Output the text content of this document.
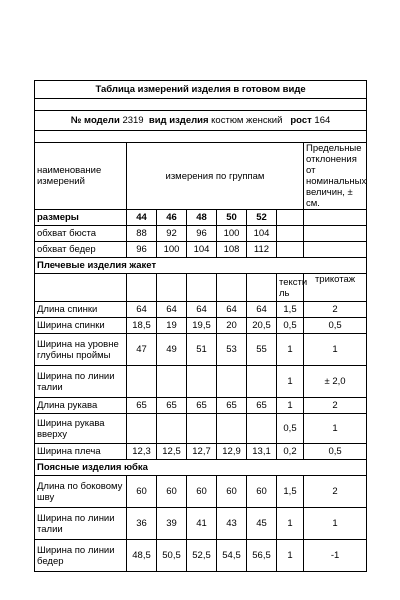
Таблица измерений изделия в готовом виде							

№ модели 2319 вид изделия костюм женский рост 164							

наименование измерений	измерения по группам						Предельные отклонения от номинальных величин, ± см.
размеры	44	46	48	50	52		
обхват бюста	88	92	96	100	104		
обхват бедер	96	100	104	108	112		
Плечевые изделия жакет							
						тексти ль	трикотаж
Длина спинки	64	64	64	64	64	1,5	2
Ширина спинки	18,5	19	19,5	20	20,5	0,5	0,5
Ширина на уровне глубины проймы	47	49	51	53	55	1	1
Ширина по линии талии						1	± 2,0
Длина рукава	65	65	65	65	65	1	2
Ширина рукава вверху						0,5	1
Ширина плеча	12,3	12,5	12,7	12,9	13,1	0,2	0,5
Поясные изделия юбка							
Длина по боковому шву	60	60	60	60	60	1,5	2
Ширина по линии талии	36	39	41	43	45	1	1
Ширина по линии бедер	48,5	50,5	52,5	54,5	56,5	1	-1
